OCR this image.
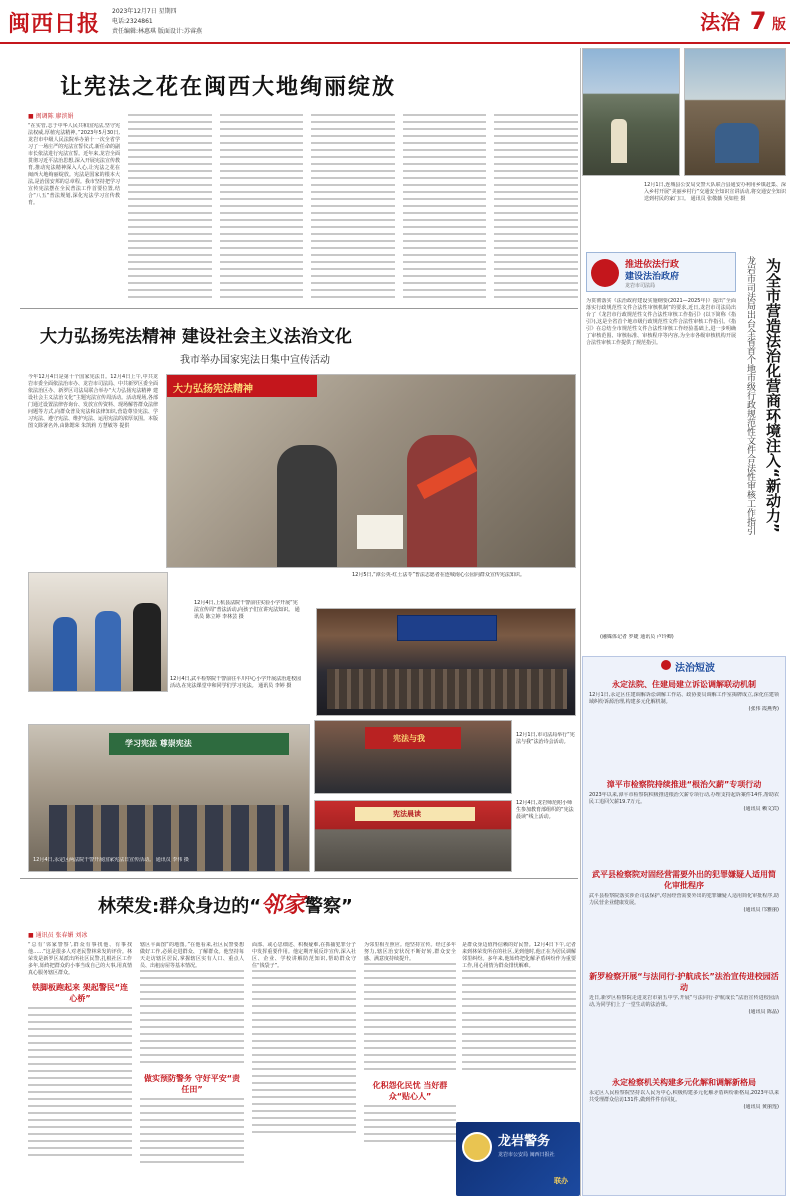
闽西日报 2023年12月7日 星期四
电话:2324861
责任编辑:林惠琪 版面设计:苏睿燕	法治 7 版
让宪法之花在闽西大地绚丽绽放
■ 闽调陈 廖滨娟
“在实管,志于中华人民共和国宪法,坚守宪法权威,厚植宪法精神。”2023年5月30日,龙岩市中级人民法院举办第十一次全省学习了一场庄严的宪法宣誓仪式,新任命的副市长依法进行宪法宣誓。近年来,龙岩全面贯彻习近平法治思想,深入开展宪法宣传教育,推动宪法精神深入人心,让宪法之花在闽西大地绚丽绽放。宪法是国家的根本大法,是治国安邦的总章程。我市坚持把学习宣传宪法摆在全民普法工作首要位置,结合“八五”普法规划,深化宪法学习宣传教育。
12月1日,连城县公安局交警大队联合县通安办利用乡镇赶集、深入乡村开展“美丽乡村行”交通安全知识宣讲活动,将交通安全知识送到村民的家门口。 通讯员 张敬薇 吴如桂 摄
大力弘扬宪法精神 建设社会主义法治文化
我市举办国家宪法日集中宣传活动
今年12月4日是第十个国家宪法日。12月4日上午,中共龙岩市委全面依法治市办、龙岩市司法局、中共新罗区委全面依法治区办、新罗区司法局联合举办“大力弘扬宪法精神 建设社会主义法治文化”主题宪法宣传周活动。活动现场,各部门通过设置法律咨询台、发放宣传资料、现场解答群众法律问题等方式,向群众普及宪法和法律知识,营造尊崇宪法、学习宪法、遵守宪法、维护宪法、运用宪法的浓厚氛围。本版图文除署名外,由陈锶荣 朱凯莉 方慧敏等 提供
大力弘扬宪法精神
12月5日,“漳公英·红土法苓”普法志愿者在连城南心公园向群众宣传宪法知识。
12月4日,上杭县法院干警前往实验小学开展“宪法宣传周”普法活动,向孩子们宣讲宪法知识。 通讯员 陈立婷 李林芸 摄
12月4日,武平检察院干警前往平川中心小学开展法治进校园活动,在宪法课堂中和同学们学习宪法。 通讯员 李婷 摄
学习宪法 尊崇宪法
12月4日,永定区两法院干警开展国家宪法日宣传活动。 通讯员 李伟 摄
宪法与我	12月1日,市司法局举行“宪法与我”法治诗会活动。
宪法晨读
12月4日,龙岩师范附小师生参加教育部组织的“宪法晨读”线上活动。
林荣发:群众身边的“邻家警察”
■ 通讯员 张春媚 刘冰
“总有‘邻家警察’,群众有事找他、有事找他……”这是很多人对老民警林荣发的评价。林荣发是新罗区某派出所社区民警,扎根社区工作多年,始终把群众的小事当成自己的大事,用真情真心服务辖区群众。
铁脚板跑起来 架起警民“连心桥”
辖区平面图”的地图。”在他看来,社区民警要想做好工作,必须走进群众、了解群众。他坚持每天走访辖区居民,掌握辖区实有人口、重点人员、出租房屋等基本情况。
做实预防警务 守好平安“责任田”
面部、或心思细述、积极疑难,在抓捕犯罪分子中发挥重要作用。他定期开展反诈宣传,深入社区、企业、学校讲解防范知识,帮助群众守住“钱袋子”。
为邻里相互照应。他坚持宣传。经过多年努力,辖区治安状况不断好转,群众安全感、满意度持续提升。
化积怨化民忧 当好群众“贴心人”
是群众身边值得信赖的好民警。12月4日下午,记者来到林荣发所在的社区,见到他时,他正在为居民调解邻里纠纷。多年来,他始终把化解矛盾纠纷作为重要工作,用心用情为群众排忧解难。
龙岩警务
龙岩市公安局 闽西日报社
联办
为全市营造法治化营商环境注入“新动力”
龙岩市司法局出台全省首个地市级行政规范性文件合法性审核工作指引
推进依法行政
建设法治政府
龙岩市司法局
为贯彻落实《法治政府建设实施纲要(2021—2025年)》提出“全面落实行政规范性文件合法性审核机制”的要求,近日,龙岩市司法局出台了《龙岩市行政规范性文件合法性审核工作指引》(以下简称《指引》),这是全省首个地市级行政规范性文件合法性审核工作指引。《指引》在总结全市规范性文件合法性审核工作经验基础上,进一步明确了审核范围、审核标准、审核程序等内容,为全市各级审核机构开展合法性审核工作提供了规范指引。
(融媒体记者 罗婕 通讯员 卢玲卿)
法治短波
永定法院、住建局建立诉讼调解联动机制
12月1日,永定区住建调解诉讼调解工作站、政协委员调解工作室揭牌成立,深化住建领域纠纷诉源治理,构建多元化解机制。
(张伟 霞燕秀)
漳平市检察院持续推进“根治欠薪”专项行动
2023年以来,漳平市检察院积极推进根治欠薪专项行动,办理支持起诉案件14件,帮助农民工追回欠薪19.7万元。
(通讯员 赖文宾)
武平县检察院对固经营需要外出的犯罪嫌疑人适用简化审批程序
武平县检察院落实涉企司法保护,对因经营需要外出的犯罪嫌疑人适用简化审批程序,助力民营企业健康发展。
(通讯员 邝雅丽)
新罗检察开展“与法同行·护航成长”法治宣传进校园活动
近日,新罗区检察院走进龙岩市第五中学,开展“与法同行·护航成长”法治宣传进校园活动,为同学们上了一堂生动的法治课。
(通讯员 陈晶)
永定检察机关构建多元化解和调解新格局
永定区人民检察院坚持以人民为中心,积极构建多元化解矛盾纠纷新格局,2023年以来共受理群众信访131件,做到件件有回复。
(通讯员 黄丽莲)
